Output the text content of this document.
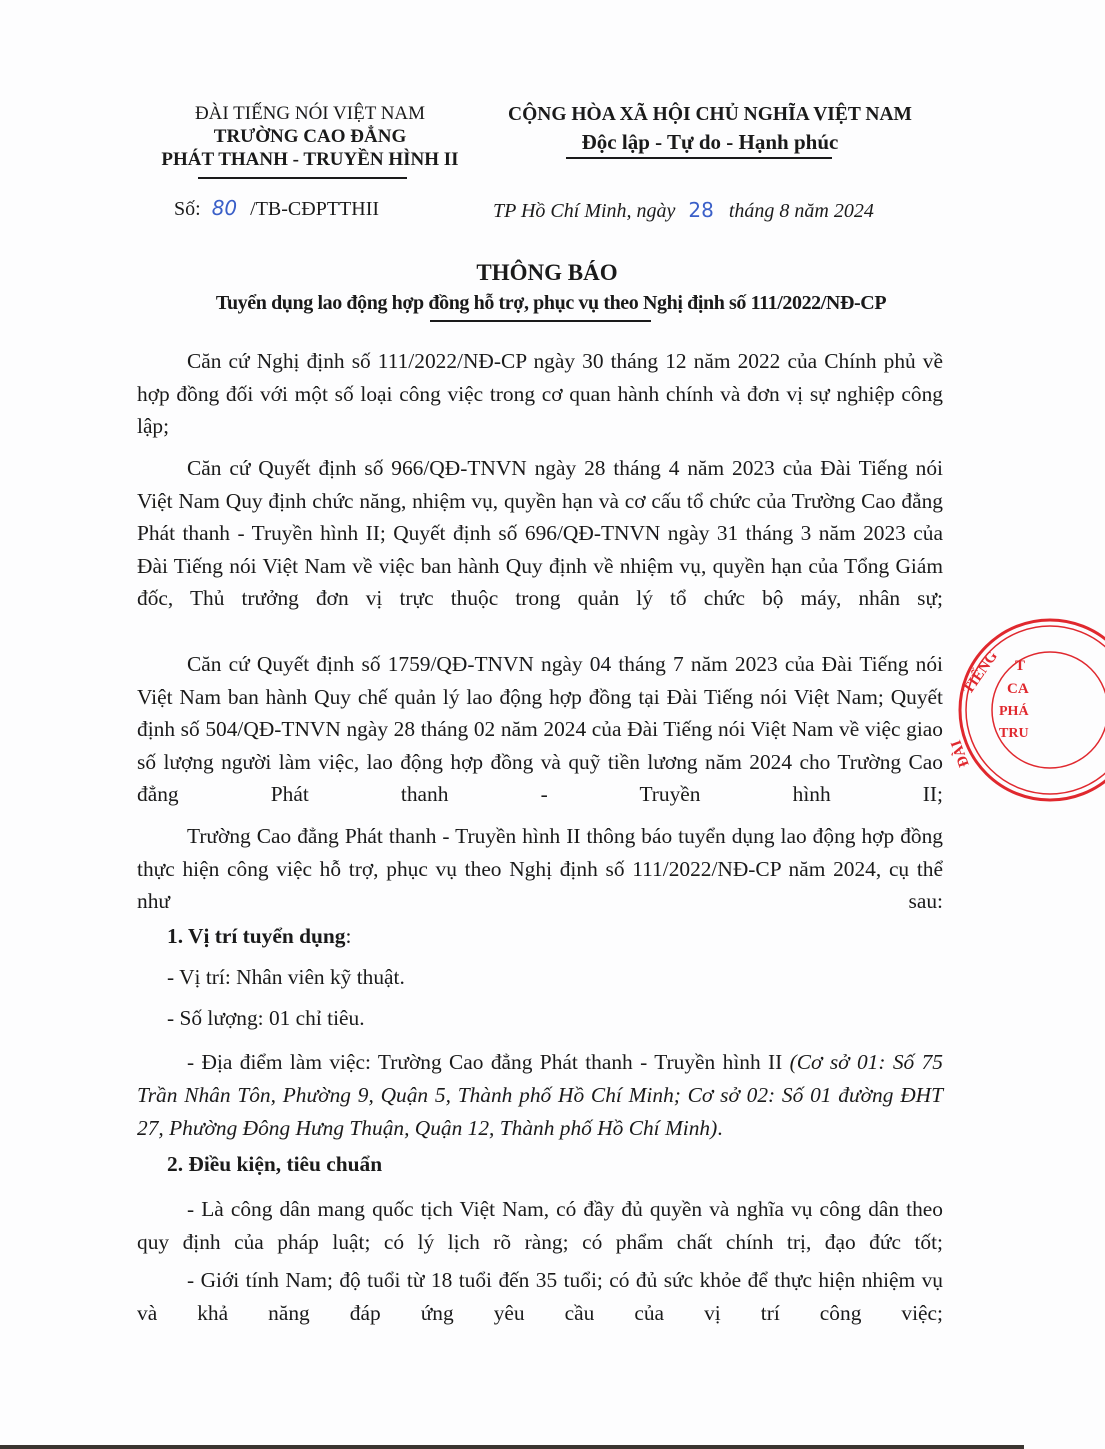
ĐÀI TIẾNG NÓI VIỆT NAM
TRƯỜNG CAO ĐẲNG
PHÁT THANH - TRUYỀN HÌNH II
Số: 80 /TB-CĐPTTHII
CỘNG HÒA XÃ HỘI CHỦ NGHĨA VIỆT NAM
Độc lập - Tự do - Hạnh phúc
TP Hồ Chí Minh, ngày 28 tháng 8 năm 2024
THÔNG BÁO
Tuyển dụng lao động hợp đồng hỗ trợ, phục vụ theo Nghị định số 111/2022/NĐ-CP
Căn cứ Nghị định số 111/2022/NĐ-CP ngày 30 tháng 12 năm 2022 của Chính phủ về hợp đồng đối với một số loại công việc trong cơ quan hành chính và đơn vị sự nghiệp công lập;
Căn cứ Quyết định số 966/QĐ-TNVN ngày 28 tháng 4 năm 2023 của Đài Tiếng nói Việt Nam Quy định chức năng, nhiệm vụ, quyền hạn và cơ cấu tổ chức của Trường Cao đẳng Phát thanh - Truyền hình II; Quyết định số 696/QĐ-TNVN ngày 31 tháng 3 năm 2023 của Đài Tiếng nói Việt Nam về việc ban hành Quy định về nhiệm vụ, quyền hạn của Tổng Giám đốc, Thủ trưởng đơn vị trực thuộc trong quản lý tổ chức bộ máy, nhân sự;
Căn cứ Quyết định số 1759/QĐ-TNVN ngày 04 tháng 7 năm 2023 của Đài Tiếng nói Việt Nam ban hành Quy chế quản lý lao động hợp đồng tại Đài Tiếng nói Việt Nam; Quyết định số 504/QĐ-TNVN ngày 28 tháng 02 năm 2024 của Đài Tiếng nói Việt Nam về việc giao số lượng người làm việc, lao động hợp đồng và quỹ tiền lương năm 2024 cho Trường Cao đẳng Phát thanh - Truyền hình II;
Trường Cao đẳng Phát thanh - Truyền hình II thông báo tuyển dụng lao động hợp đồng thực hiện công việc hỗ trợ, phục vụ theo Nghị định số 111/2022/NĐ-CP năm 2024, cụ thể như sau:
1. Vị trí tuyển dụng:
- Vị trí: Nhân viên kỹ thuật.
- Số lượng: 01 chỉ tiêu.
- Địa điểm làm việc: Trường Cao đẳng Phát thanh - Truyền hình II (Cơ sở 01: Số 75 Trần Nhân Tôn, Phường 9, Quận 5, Thành phố Hồ Chí Minh; Cơ sở 02: Số 01 đường ĐHT 27, Phường Đông Hưng Thuận, Quận 12, Thành phố Hồ Chí Minh).
2. Điều kiện, tiêu chuẩn
- Là công dân mang quốc tịch Việt Nam, có đầy đủ quyền và nghĩa vụ công dân theo quy định của pháp luật; có lý lịch rõ ràng; có phẩm chất chính trị, đạo đức tốt;
- Giới tính Nam; độ tuổi từ 18 tuổi đến 35 tuổi; có đủ sức khỏe để thực hiện nhiệm vụ và khả năng đáp ứng yêu cầu của vị trí công việc;
TIẾNG
ĐÀI
T
CA
PHÁ
TRU
